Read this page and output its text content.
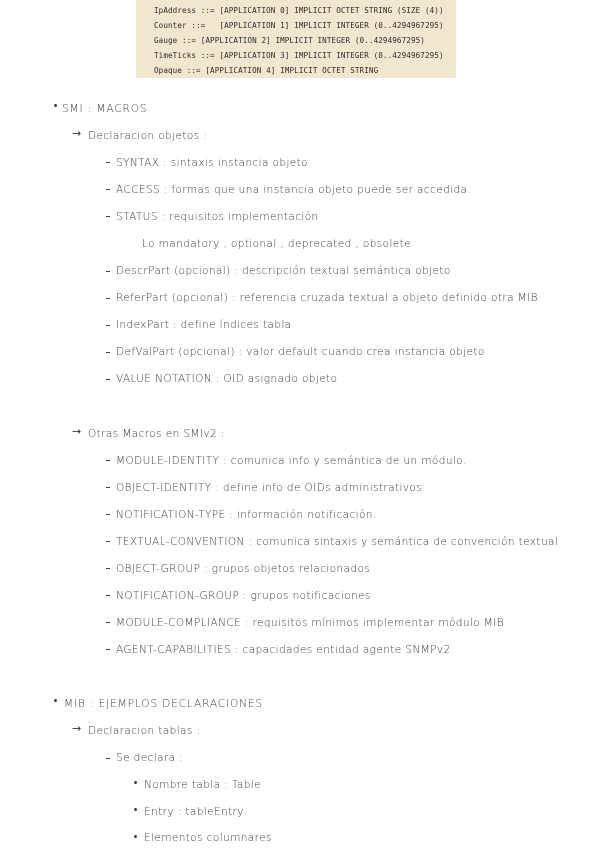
IpAddress ::= [APPLICATION 0] IMPLICIT OCTET STRING (SIZE (4))
Counter ::=   [APPLICATION 1] IMPLICIT INTEGER (0..4294967295)
Gauge ::= [APPLICATION 2] IMPLICIT INTEGER (0..4294967295)
TimeTicks ::= [APPLICATION 3] IMPLICIT INTEGER (0..4294967295)
Opaque ::= [APPLICATION 4] IMPLICIT OCTET STRING
SMI : MACROS
→ Declaracion objetos :
SYNTAX : sintaxis instancia objeto
ACCESS : formas que una instancia objeto puede ser accedida.
STATUS : requisitos implementación
Lo mandatory , optional , deprecated , obsolete
DescrPart (opcional) : descripción textual semántica objeto
ReferPart (opcional) : referencia cruzada textual a objeto definido otra MIB
IndexPart : define índices tabla
DefValPart (opcional) : valor default cuando crea instancia objeto
VALUE NOTATION : OID asignado objeto
→ Otras Macros en SMIv2 :
MODULE-IDENTITY : comunica info y semántica de un módulo.
OBJECT-IDENTITY : define info de OIDs administrativos
NOTIFICATION-TYPE : información notificación.
TEXTUAL-CONVENTION : comunica sintaxis y semántica de convención textual
OBJECT-GROUP : grupos objetos relacionados
NOTIFICATION-GROUP : grupos notificaciones
MODULE-COMPLIANCE : requisitos mínimos implementar módulo MIB
AGENT-CAPABILITIES : capacidades entidad agente SNMPv2
MIB : EJEMPLOS DECLARACIONES
→ Declaracion tablas :
Se declara :
Nombre tabla : Table
Entry : tableEntry
Elementos columnares
